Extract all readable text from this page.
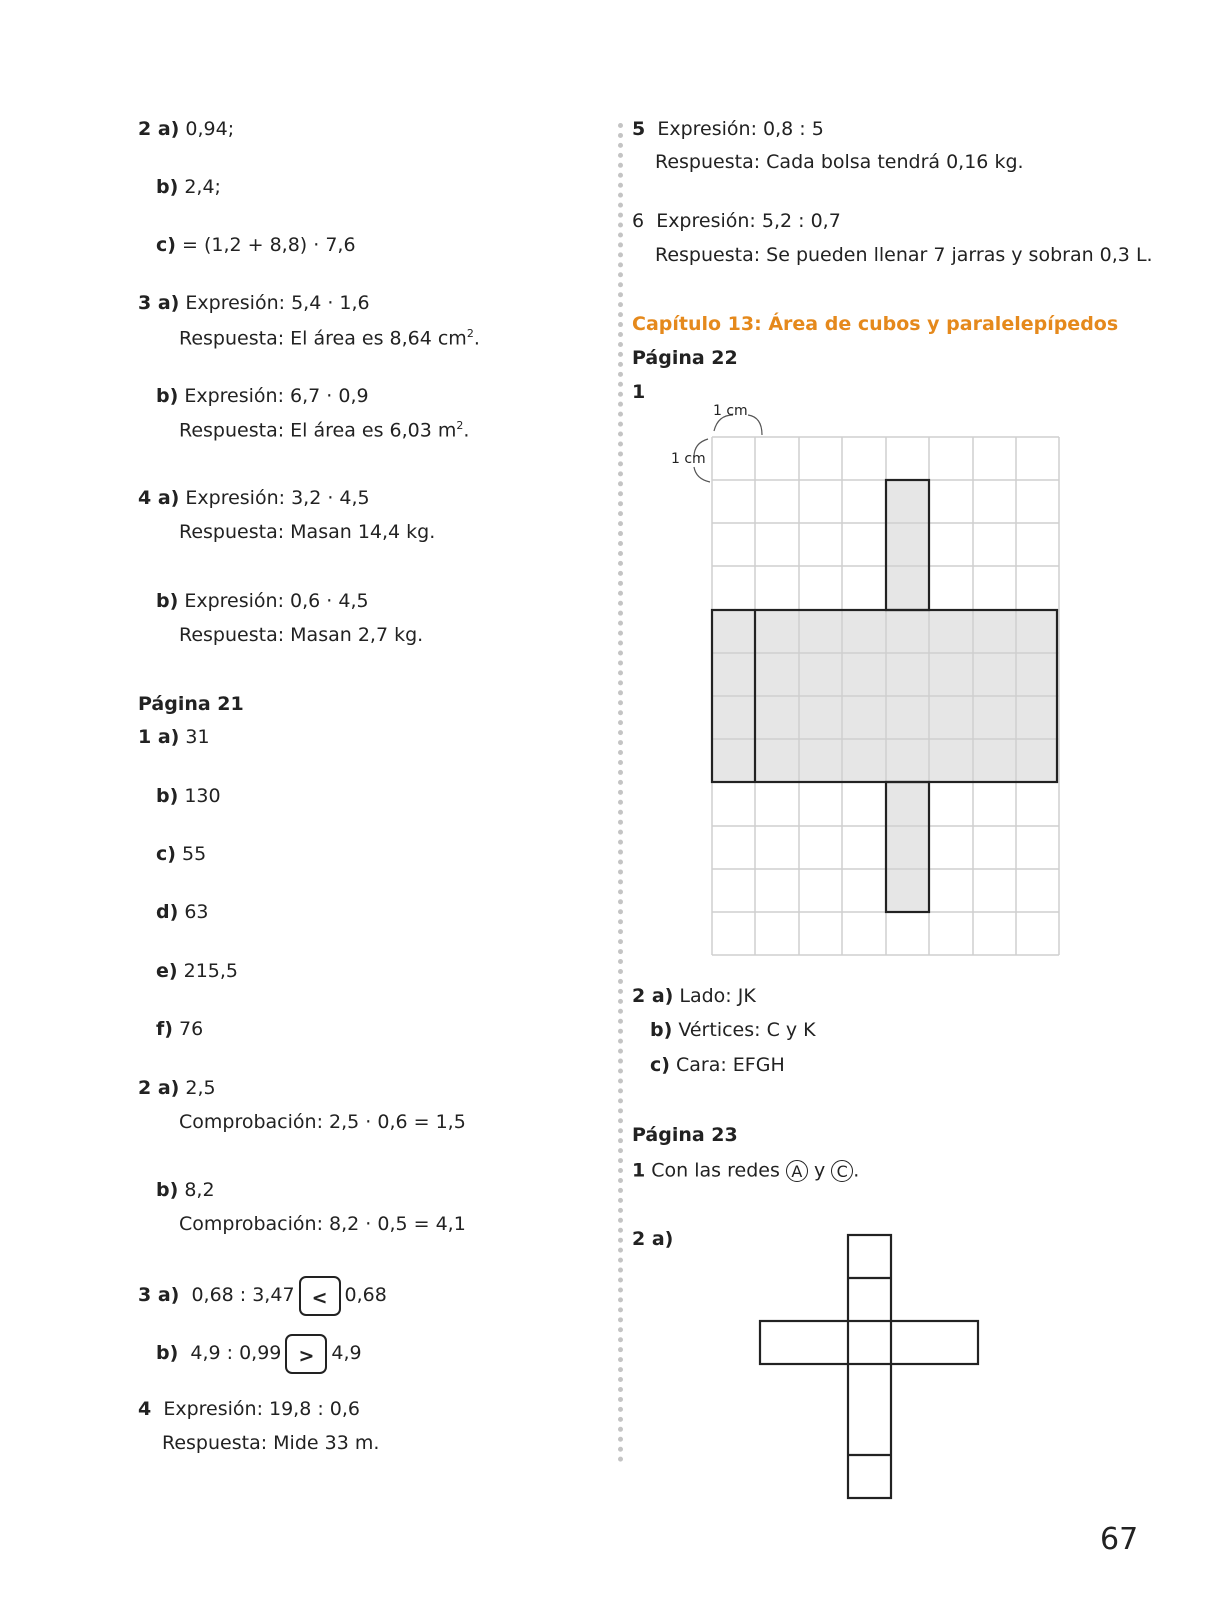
2 a) 0,94;
b) 2,4;
c) = (1,2 + 8,8) · 7,6
3 a) Expresión: 5,4 · 1,6
Respuesta: El área es 8,64 $cm^2$.
b) Expresión: 6,7 · 0,9
Respuesta: El área es 6,03 $m^2$.
4 a) Expresión: 3,2 · 4,5
Respuesta: Masan 14,4 kg.
b) Expresión: 0,6 · 4,5
Respuesta: Masan 2,7 kg.
Página 21
1 a) 31
b) 130
c) 55
d) 63
e) 215,5
f) 76
2 a) 2,5
Comprobación: 2,5 · 0,6 = 1,5
b) 8,2
Comprobación: 8,2 · 0,5 = 4,1
3 a) 0,68 : 3,47 < 0,68
b) 4,9 : 0,99 > 4,9
4 Expresión: 19,8 : 0,6
Respuesta: Mide 33 m.
5 Expresión: 0,8 : 5
Respuesta: Cada bolsa tendrá 0,16 kg.
6 Expresión: 5,2 : 0,7
Respuesta: Se pueden llenar 7 jarras y sobran 0,3 L.
Capítulo 13: Área de cubos y paralelepípedos
Página 22
1
1 cm
1 cm
2 a) Lado: JK
b) Vértices: C y K
c) Cara: EFGH
Página 23
1 Con las redes A y C .
2 a)
67
